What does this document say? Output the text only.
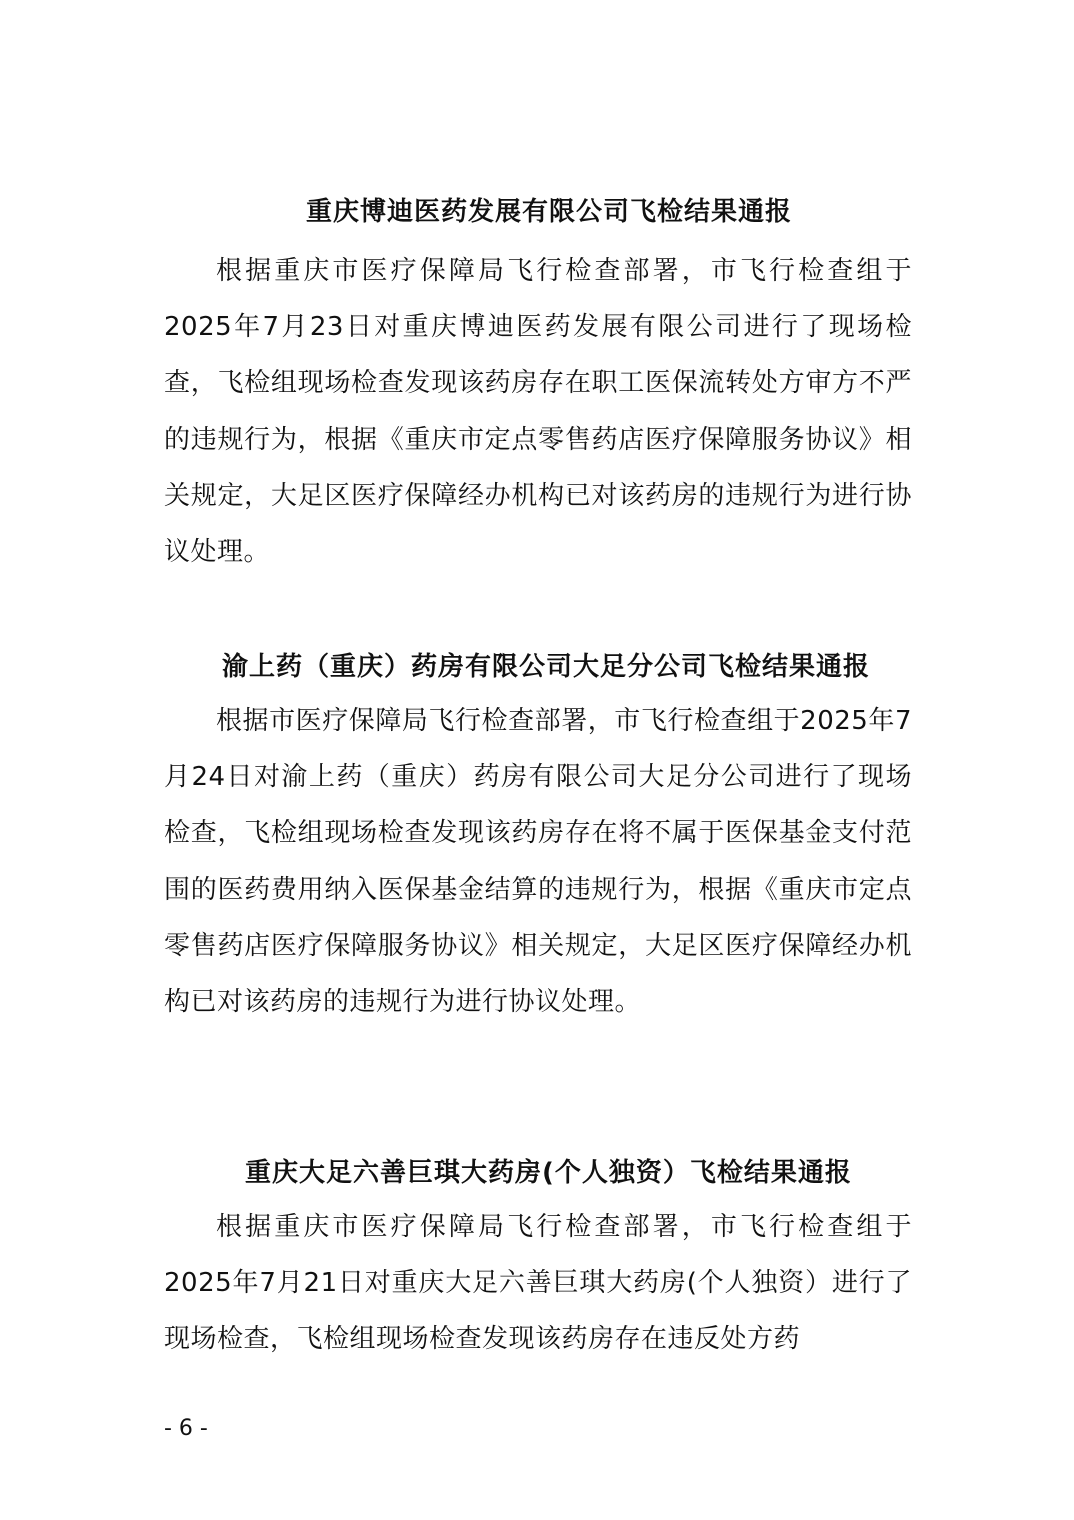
重庆博迪医药发展有限公司飞检结果通报

根据重庆市医疗保障局飞行检查部署，市飞行检查组于2025年7月23日对重庆博迪医药发展有限公司进行了现场检查，飞检组现场检查发现该药房存在职工医保流转处方审方不严的违规行为，根据《重庆市定点零售药店医疗保障服务协议》相关规定，大足区医疗保障经办机构已对该药房的违规行为进行协议处理。

渝上药（重庆）药房有限公司大足分公司飞检结果通报

根据市医疗保障局飞行检查部署，市飞行检查组于2025年7月24日对渝上药（重庆）药房有限公司大足分公司进行了现场检查，飞检组现场检查发现该药房存在将不属于医保基金支付范围的医药费用纳入医保基金结算的违规行为，根据《重庆市定点零售药店医疗保障服务协议》相关规定，大足区医疗保障经办机构已对该药房的违规行为进行协议处理。

重庆大足六善巨琪大药房(个人独资）飞检结果通报

根据重庆市医疗保障局飞行检查部署，市飞行检查组于2025年7月21日对重庆大足六善巨琪大药房(个人独资）进行了现场检查，飞检组现场检查发现该药房存在违反处方药

- 6 -
